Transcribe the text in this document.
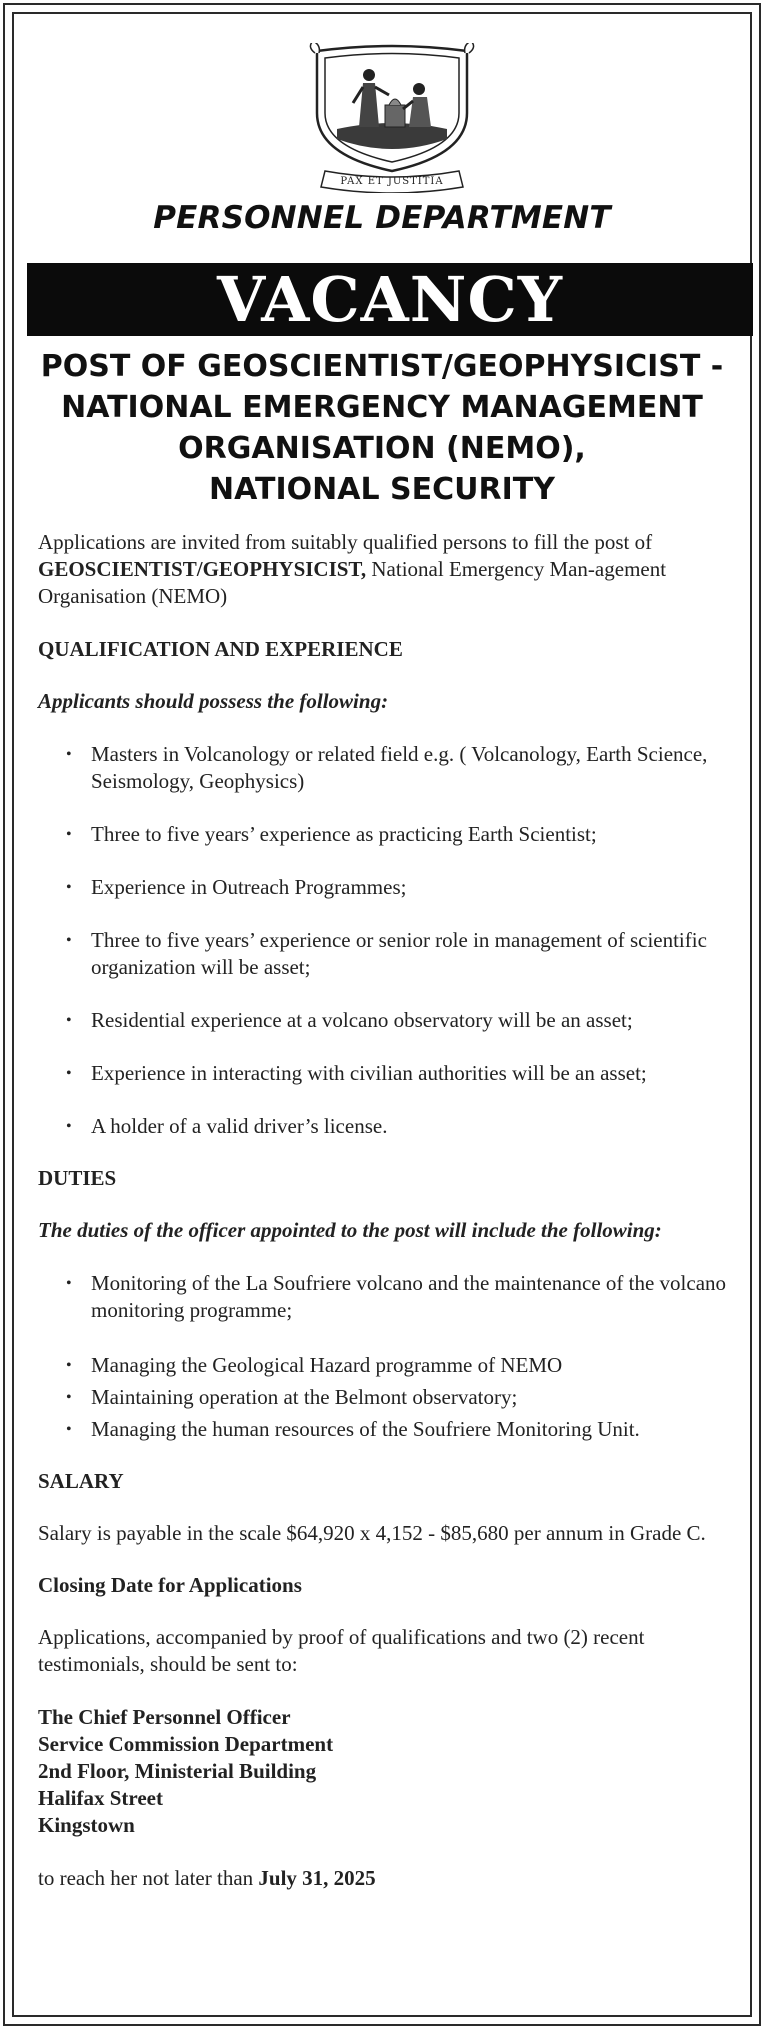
PAX ET JUSTITIA
PERSONNEL DEPARTMENT
VACANCY
POST OF GEOSCIENTIST/GEOPHYSICIST -
NATIONAL EMERGENCY MANAGEMENT
ORGANISATION (NEMO),
NATIONAL SECURITY

Applications are invited from suitably qualified persons to fill the post of GEOSCIENTIST/GEOPHYSICIST, National Emergency Man-agement Organisation (NEMO)

QUALIFICATION AND EXPERIENCE

Applicants should possess the following:

• Masters in Volcanology or related field e.g. ( Volcanology, Earth Science, Seismology, Geophysics)
• Three to five years’ experience as practicing Earth Scientist;
• Experience in Outreach Programmes;
• Three to five years’ experience or senior role in management of scientific organization will be asset;
• Residential experience at a volcano observatory will be an asset;
• Experience in interacting with civilian authorities will be an asset;
• A holder of a valid driver’s license.

DUTIES

The duties of the officer appointed to the post will include the following:

• Monitoring of the La Soufriere volcano and the maintenance of the volcano monitoring programme;
• Managing the Geological Hazard programme of NEMO
• Maintaining operation at the Belmont observatory;
• Managing the human resources of the Soufriere Monitoring Unit.

SALARY

Salary is payable in the scale $64,920 x 4,152 - $85,680 per annum in Grade C.

Closing Date for Applications

Applications, accompanied by proof of qualifications and two (2) recent testimonials, should be sent to:

The Chief Personnel Officer

Service Commission Department

2nd Floor, Ministerial Building

Halifax Street

Kingstown

to reach her not later than July 31, 2025
